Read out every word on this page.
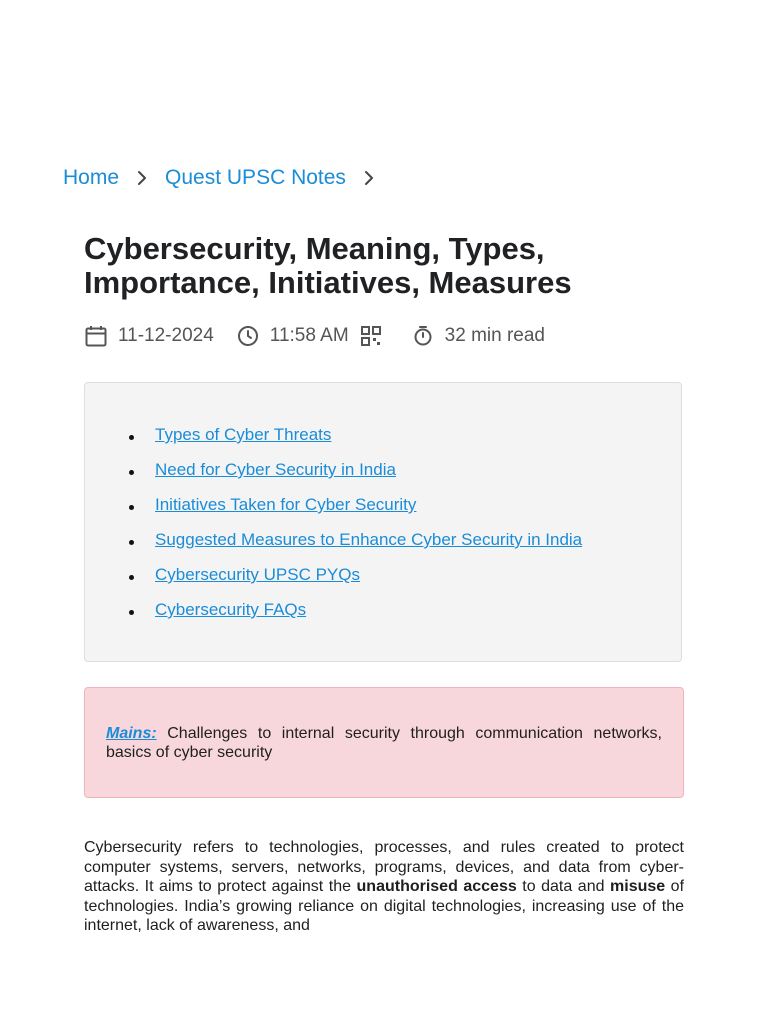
Home Quest UPSC Notes
Cybersecurity, Meaning, Types, Importance, Initiatives, Measures
11-12-2024	11:58 AM	32 min read
Types of Cyber Threats
Need for Cyber Security in India
Initiatives Taken for Cyber Security
Suggested Measures to Enhance Cyber Security in India
Cybersecurity UPSC PYQs
Cybersecurity FAQs

Mains: Challenges to internal security through communication networks, basics of cyber security

Cybersecurity refers to technologies, processes, and rules created to protect computer systems, servers, networks, programs, devices, and data from cyber-attacks. It aims to protect against the unauthorised access to data and misuse of technologies. India’s growing reliance on digital technologies, increasing use of the internet, lack of awareness, and
